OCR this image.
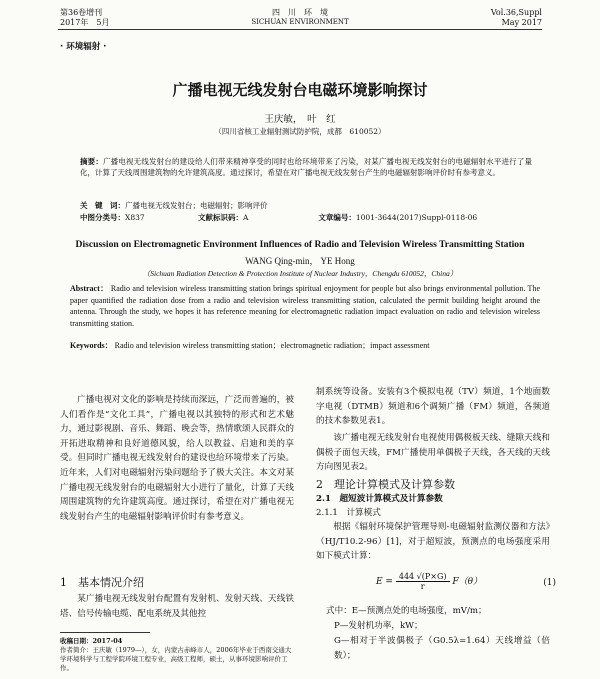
第36卷增刊
2017年　5月
四　川　环　境
SICHUAN ENVIRONMENT
Vol.36,Suppl
May 2017
· 环境辐射 ·
广播电视无线发射台电磁环境影响探讨
王庆敏，　叶　红
（四川省核工业辐射测试防护院，成都　610052）
摘要：广播电视无线发射台的建设给人们带来精神享受的同时也给环境带来了污染，对某广播电视无线发射台的电磁辐射水平进行了量化，计算了天线周围建筑物的允许建筑高度。通过探讨，希望在对广播电视无线发射台产生的电磁辐射影响评价时有参考意义。
关　键　词：广播电视无线发射台；电磁辐射；影响评价
中图分类号：X837	文献标识码：A	文章编号：1001-3644(2017)Suppl-0118-06
Discussion on Electromagnetic Environment Influences of Radio and Television Wireless Transmitting Station
WANG Qing-min， YE Hong
（Sichuan Radiation Detection & Protection Institute of Nuclear Industry，Chengdu 610052，China）
Abstract： Radio and television wireless transmitting station brings spiritual enjoyment for people but also brings environmental pollution. The paper quantified the radiation dose from a radio and television wireless transmitting station, calculated the permit building height around the antenna. Through the study, we hopes it has reference meaning for electromagnetic radiation impact evaluation on radio and television wireless transmitting station.
Keywords： Radio and television wireless transmitting station；electromagnetic radiation；impact assessment
广播电视对文化的影响是持续而深远，广泛而普遍的，被人们看作是“文化工具”，广播电视以其独特的形式和艺术魅力，通过影视剧、音乐、舞蹈、晚会等，热情歌颂人民群众的开拓进取精神和良好道德风貌，给人以教益、启迪和美的享受。但同时广播电视无线发射台的建设也给环境带来了污染。近年来，人们对电磁辐射污染问题给予了极大关注。本文对某广播电视无线发射台的电磁辐射大小进行了量化，计算了天线周围建筑物的允许建筑高度。通过探讨，希望在对广播电视无线发射台产生的电磁辐射影响评价时有参考意义。
1　基本情况介绍
某广播电视无线发射台配置有发射机、发射天线、天线铁塔、信号传输电缆、配电系统及其他控
收稿日期：2017-04
作者简介：王庆敏（1979—），女，内蒙古赤峰市人，2006年毕业于西南交通大学环境科学与工程学院环境工程专业，高级工程师，硕士，从事环境影响评价工作。
制系统等设备。安装有3个模拟电视（TV）频道，1个地面数字电视（DTMB）频道和6个调频广播（FM）频道，各频道的技术参数见表1。
该广播电视无线发射台电视使用偶极板天线、缝隙天线和偶极子面包天线，FM广播使用单偶极子天线，各天线的天线方向图见表2。
2　理论计算模式及计算参数
2.1　超短波计算模式及计算参数
2.1.1　计算模式
根据《辐射环境保护管理导则-电磁辐射监测仪器和方法》（HJ/T10.2-96）[1]，对于超短波，预测点的电场强度采用如下模式计算：
$E = \frac{444 √(P\times G)}{r} F(\theta)$	(1)
式中：E—预测点处的电场强度，mV/m；
P—发射机功率，kW；
G—相对于半波偶极子（G0.5λ=1.64）天线增益（倍数）；
